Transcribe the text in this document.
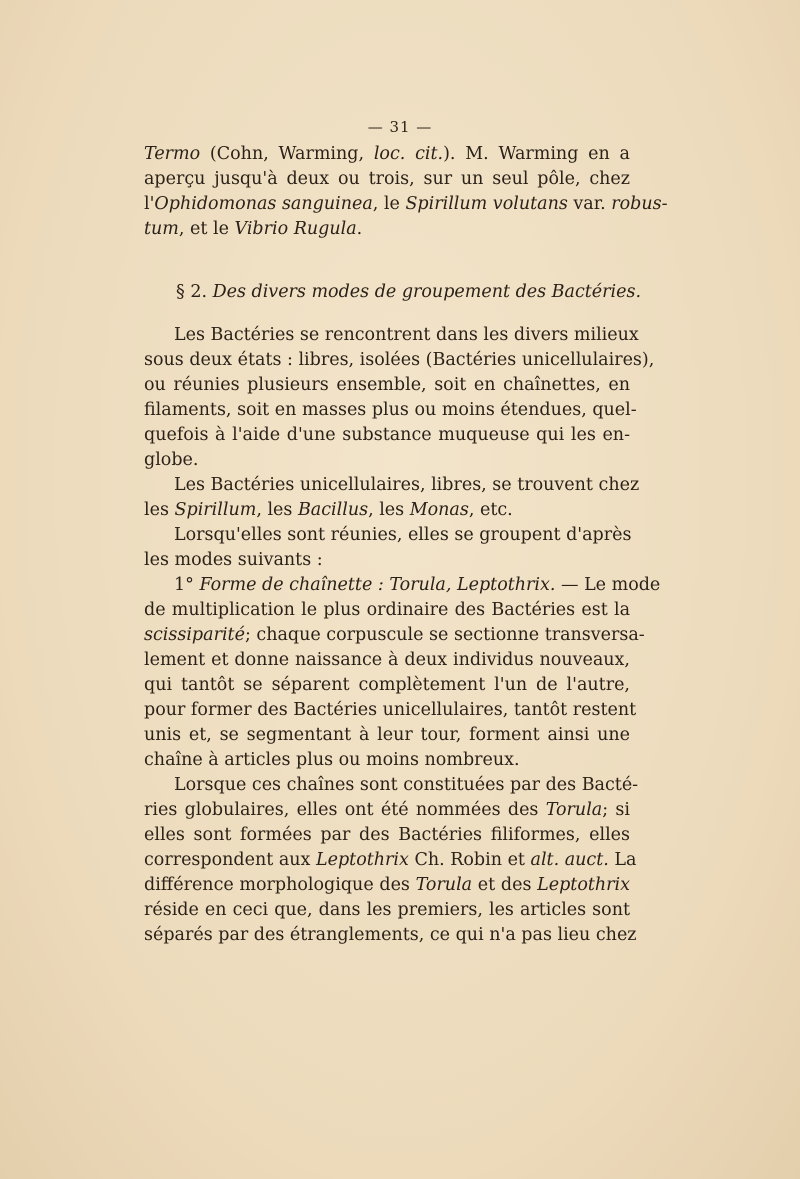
— 31 —
Termo (Cohn, Warming, loc. cit.). M. Warming en a
aperçu jusqu'à deux ou trois, sur un seul pôle, chez
l'Ophidomonas sanguinea, le Spirillum volutans var. robus-
tum, et le Vibrio Rugula.
§ 2. Des divers modes de groupement des Bactéries.
Les Bactéries se rencontrent dans les divers milieux
sous deux états : libres, isolées (Bactéries unicellulaires),
ou réunies plusieurs ensemble, soit en chaînettes, en
filaments, soit en masses plus ou moins étendues, quel-
quefois à l'aide d'une substance muqueuse qui les en-
globe.
Les Bactéries unicellulaires, libres, se trouvent chez
les Spirillum, les Bacillus, les Monas, etc.
Lorsqu'elles sont réunies, elles se groupent d'après
les modes suivants :
1° Forme de chaînette : Torula, Leptothrix. — Le mode
de multiplication le plus ordinaire des Bactéries est la
scissiparité; chaque corpuscule se sectionne transversa-
lement et donne naissance à deux individus nouveaux,
qui tantôt se séparent complètement l'un de l'autre,
pour former des Bactéries unicellulaires, tantôt restent
unis et, se segmentant à leur tour, forment ainsi une
chaîne à articles plus ou moins nombreux.
Lorsque ces chaînes sont constituées par des Bacté-
ries globulaires, elles ont été nommées des Torula; si
elles sont formées par des Bactéries filiformes, elles
correspondent aux Leptothrix Ch. Robin et alt. auct. La
différence morphologique des Torula et des Leptothrix
réside en ceci que, dans les premiers, les articles sont
séparés par des étranglements, ce qui n'a pas lieu chez
